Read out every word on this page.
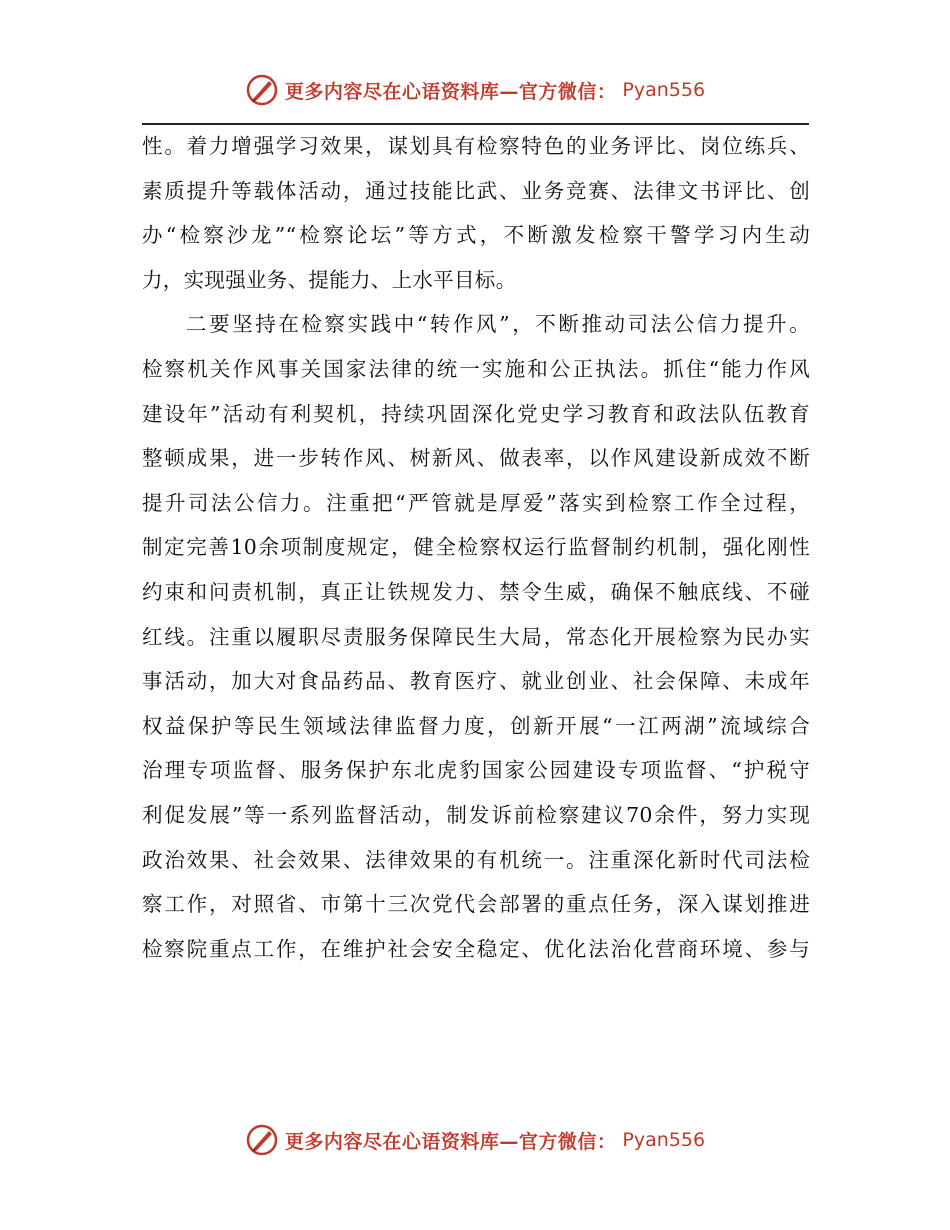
更多内容尽在心语资料库—官方微信： Pyan556
性。着力增强学习效果，谋划具有检察特色的业务评比、岗位练兵、
素质提升等载体活动，通过技能比武、业务竞赛、法律文书评比、创
办“检察沙龙”“检察论坛”等方式，不断激发检察干警学习内生动
力，实现强业务、提能力、上水平目标。
二要坚持在检察实践中“转作风”，不断推动司法公信力提升。
检察机关作风事关国家法律的统一实施和公正执法。抓住“能力作风
建设年”活动有利契机，持续巩固深化党史学习教育和政法队伍教育
整顿成果，进一步转作风、树新风、做表率，以作风建设新成效不断
提升司法公信力。注重把“严管就是厚爱”落实到检察工作全过程，
制定完善10余项制度规定，健全检察权运行监督制约机制，强化刚性
约束和问责机制，真正让铁规发力、禁令生威，确保不触底线、不碰
红线。注重以履职尽责服务保障民生大局，常态化开展检察为民办实
事活动，加大对食品药品、教育医疗、就业创业、社会保障、未成年
权益保护等民生领域法律监督力度，创新开展“一江两湖”流域综合
治理专项监督、服务保护东北虎豹国家公园建设专项监督、“护税守
利促发展”等一系列监督活动，制发诉前检察建议70余件，努力实现
政治效果、社会效果、法律效果的有机统一。注重深化新时代司法检
察工作，对照省、市第十三次党代会部署的重点任务，深入谋划推进
检察院重点工作，在维护社会安全稳定、优化法治化营商环境、参与
更多内容尽在心语资料库—官方微信： Pyan556
